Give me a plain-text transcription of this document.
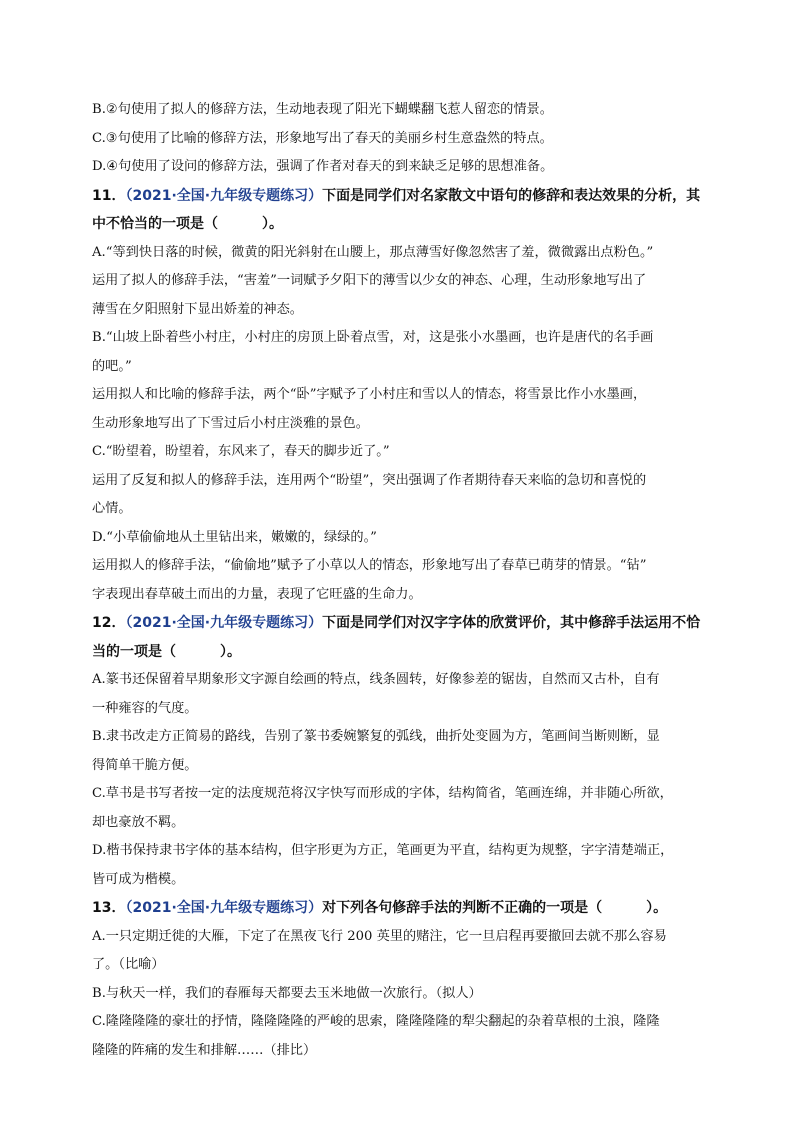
B.②句使用了拟人的修辞方法，生动地表现了阳光下蝴蝶翻飞惹人留恋的情景。

C.③句使用了比喻的修辞方法，形象地写出了春天的美丽乡村生意盎然的特点。

D.④句使用了设问的修辞方法，强调了作者对春天的到来缺乏足够的思想准备。

11．（2021·全国·九年级专题练习）下面是同学们对名家散文中语句的修辞和表达效果的分析，其

中不恰当的一项是（	）。

A.“等到快日落的时候，微黄的阳光斜射在山腰上，那点薄雪好像忽然害了羞，微微露出点粉色。”

运用了拟人的修辞手法，“害羞”一词赋予夕阳下的薄雪以少女的神态、心理，生动形象地写出了

薄雪在夕阳照射下显出娇羞的神态。

B.“山坡上卧着些小村庄，小村庄的房顶上卧着点雪，对，这是张小水墨画，也许是唐代的名手画

的吧。”

运用拟人和比喻的修辞手法，两个“卧”字赋予了小村庄和雪以人的情态，将雪景比作小水墨画，

生动形象地写出了下雪过后小村庄淡雅的景色。

C.“盼望着，盼望着，东风来了，春天的脚步近了。”

运用了反复和拟人的修辞手法，连用两个“盼望”，突出强调了作者期待春天来临的急切和喜悦的

心情。

D.“小草偷偷地从土里钻出来，嫩嫩的，绿绿的。”

运用拟人的修辞手法，“偷偷地”赋予了小草以人的情态，形象地写出了春草已萌芽的情景。“钻”

字表现出春草破土而出的力量，表现了它旺盛的生命力。

12．（2021·全国·九年级专题练习）下面是同学们对汉字字体的欣赏评价，其中修辞手法运用不恰

当的一项是（	）。

A.篆书还保留着早期象形文字源自绘画的特点，线条圆转，好像参差的锯齿，自然而又古朴，自有

一种雍容的气度。

B.隶书改走方正简易的路线，告别了篆书委婉繁复的弧线，曲折处变圆为方，笔画间当断则断，显

得简单干脆方便。

C.草书是书写者按一定的法度规范将汉字快写而形成的字体，结构简省，笔画连绵，并非随心所欲，

却也豪放不羁。

D.楷书保持隶书字体的基本结构，但字形更为方正，笔画更为平直，结构更为规整，字字清楚端正，

皆可成为楷模。

13．（2021·全国·九年级专题练习）对下列各句修辞手法的判断不正确的一项是（	）。

A.一只定期迁徙的大雁，下定了在黑夜飞行 200 英里的赌注，它一旦启程再要撤回去就不那么容易

了。（比喻）

B.与秋天一样，我们的春雁每天都要去玉米地做一次旅行。（拟人）

C.隆隆隆隆的豪壮的抒情，隆隆隆隆的严峻的思索，隆隆隆隆的犁尖翻起的杂着草根的土浪，隆隆

隆隆的阵痛的发生和排解……（排比）
